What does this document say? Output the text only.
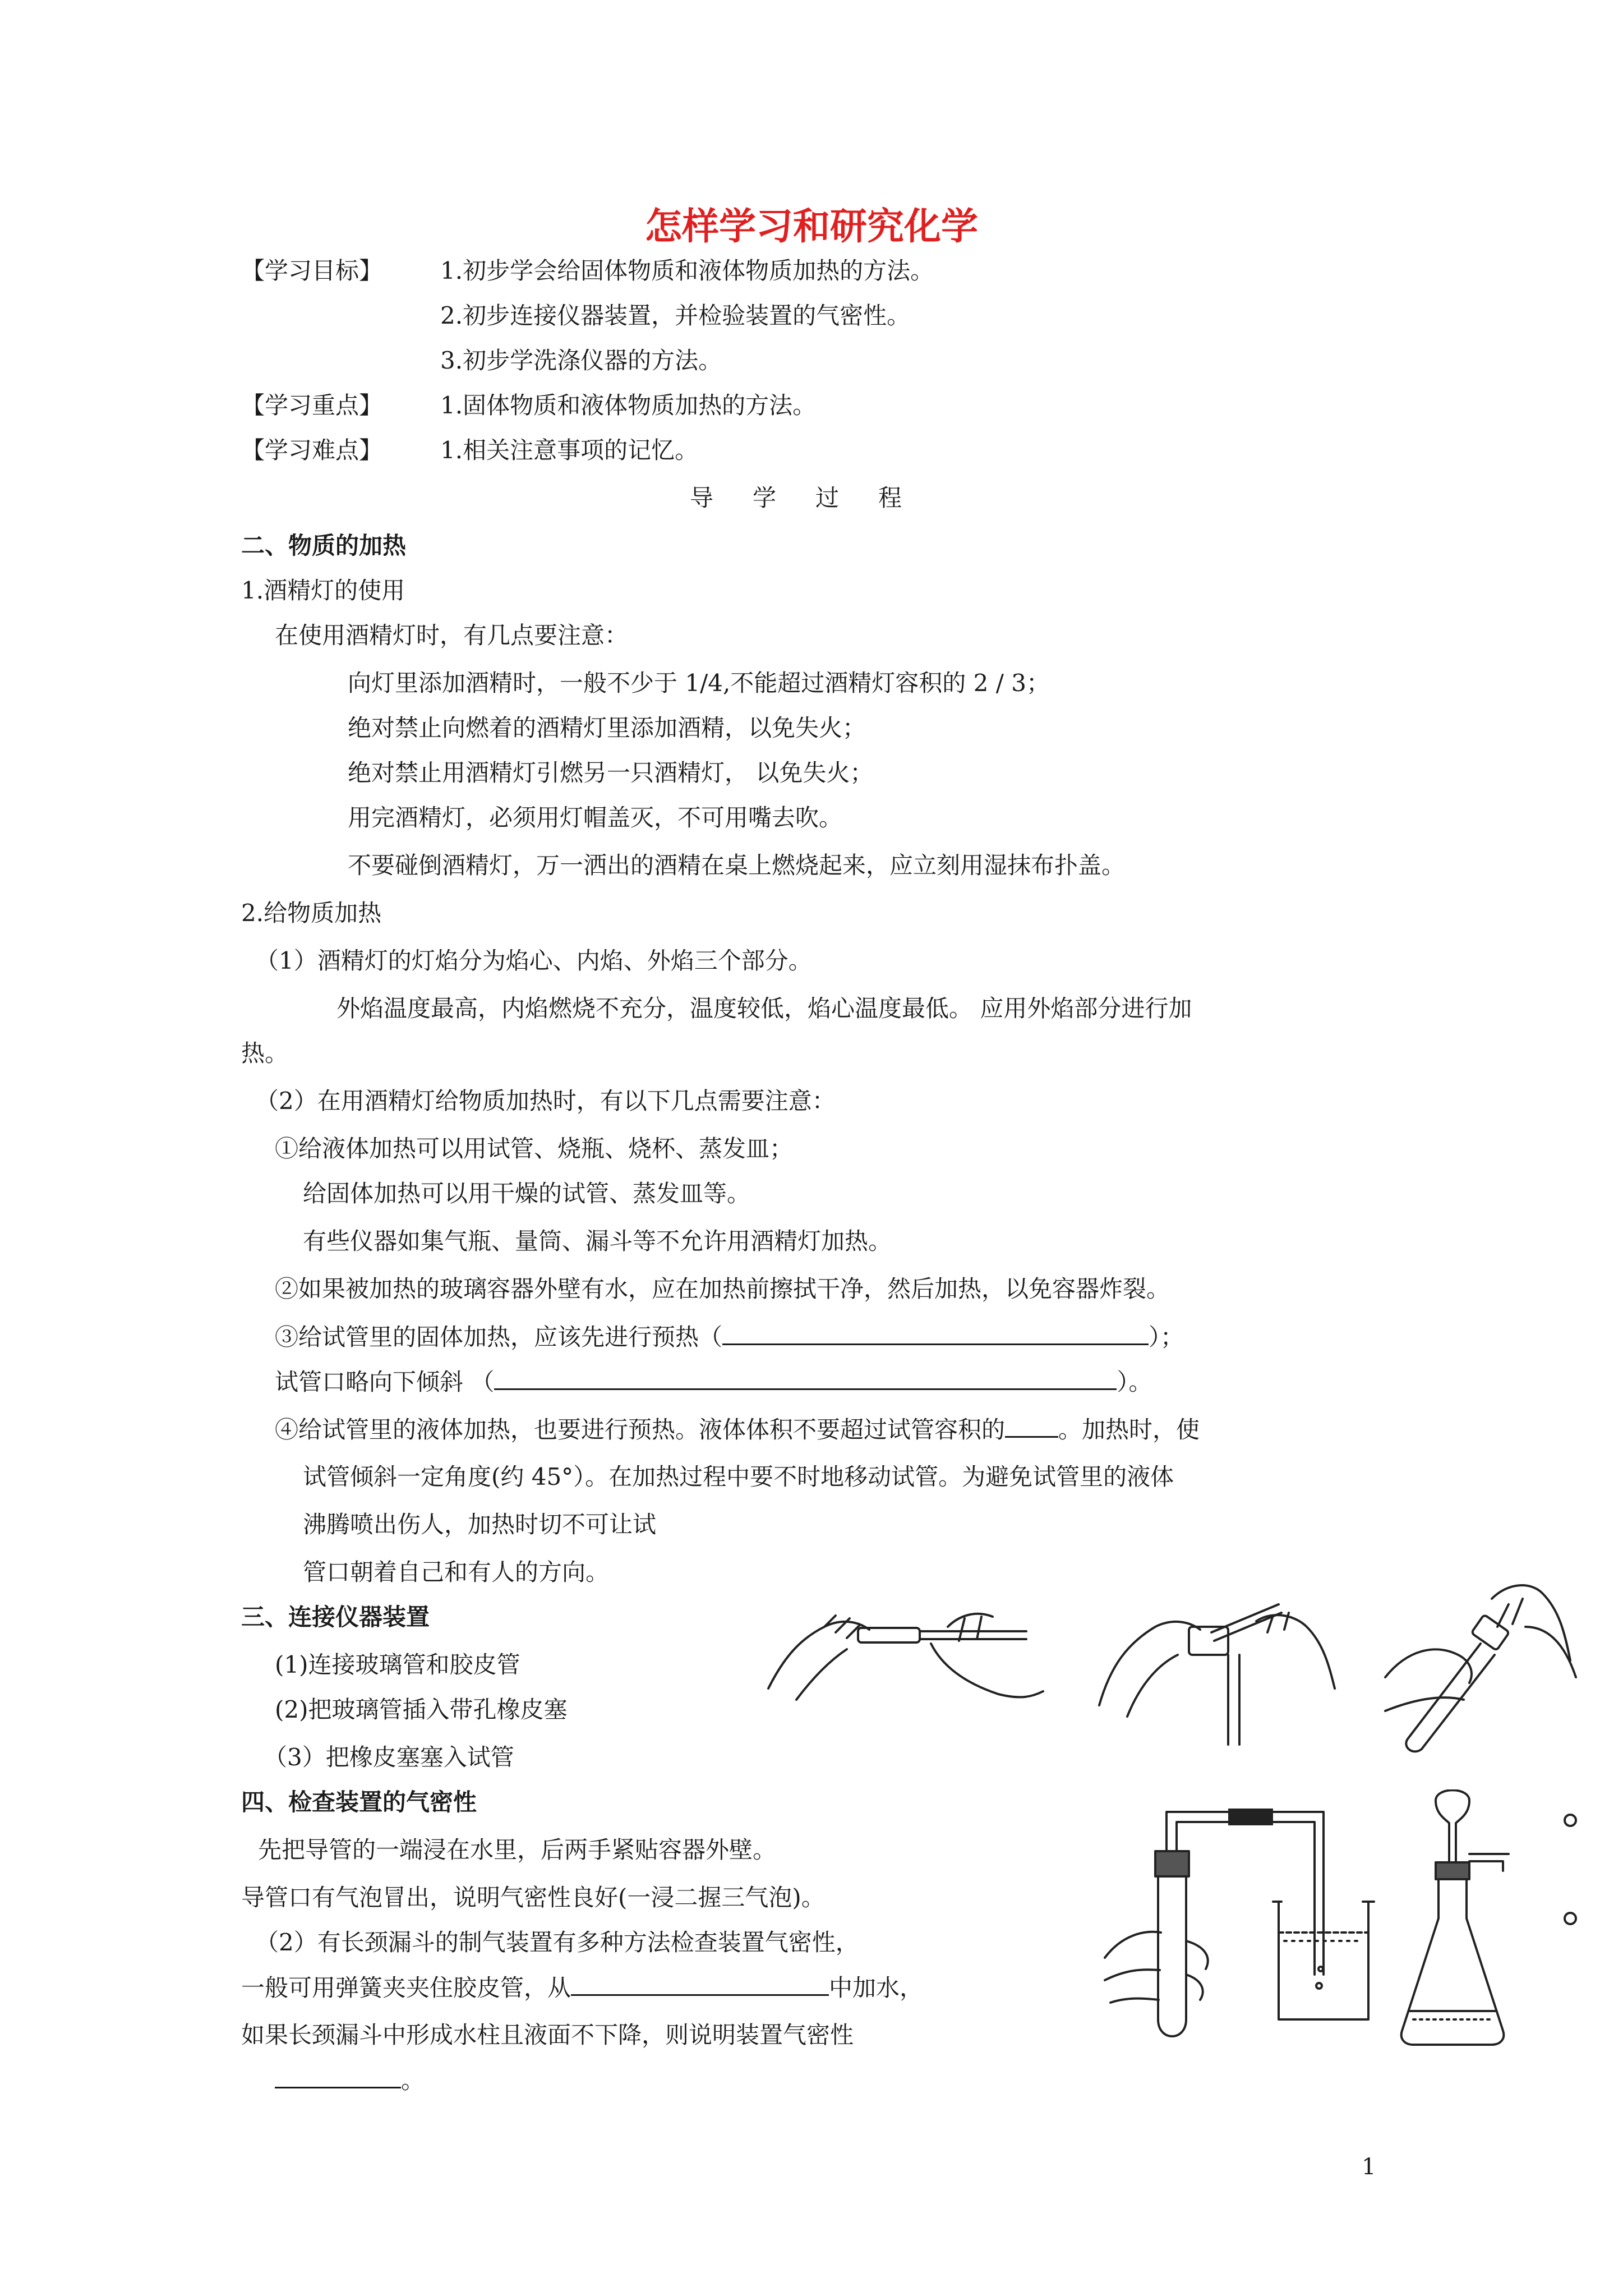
怎样学习和研究化学
【学习目标】 1.初步学会给固体物质和液体物质加热的方法。
2.初步连接仪器装置，并检验装置的气密性。
3.初步学洗涤仪器的方法。
【学习重点】 1.固体物质和液体物质加热的方法。
【学习难点】 1.相关注意事项的记忆。
导学过程
二、物质的加热
1.酒精灯的使用
在使用酒精灯时，有几点要注意：
向灯里添加酒精时，一般不少于 1/4,不能超过酒精灯容积的 2 / 3；
绝对禁止向燃着的酒精灯里添加酒精，以免失火；
绝对禁止用酒精灯引燃另一只酒精灯， 以免失火；
用完酒精灯，必须用灯帽盖灭，不可用嘴去吹。
不要碰倒酒精灯，万一洒出的酒精在桌上燃烧起来，应立刻用湿抹布扑盖。
2.给物质加热
（1）酒精灯的灯焰分为焰心、内焰、外焰三个部分。
外焰温度最高，内焰燃烧不充分，温度较低，焰心温度最低。 应用外焰部分进行加
热。
（2）在用酒精灯给物质加热时，有以下几点需要注意：
①给液体加热可以用试管、烧瓶、烧杯、蒸发皿；
给固体加热可以用干燥的试管、蒸发皿等。
有些仪器如集气瓶、量筒、漏斗等不允许用酒精灯加热。
②如果被加热的玻璃容器外壁有水，应在加热前擦拭干净，然后加热，以免容器炸裂。
③给试管里的固体加热，应该先进行预热（	）；
试管口略向下倾斜 （	）。
④给试管里的液体加热，也要进行预热。液体体积不要超过试管容积的 。加热时，使
试管倾斜一定角度(约 45°）。在加热过程中要不时地移动试管。为避免试管里的液体
沸腾喷出伤人，加热时切不可让试
管口朝着自己和有人的方向。
三、连接仪器装置
(1)连接玻璃管和胶皮管
(2)把玻璃管插入带孔橡皮塞
（3）把橡皮塞塞入试管
四、检查装置的气密性
先把导管的一端浸在水里，后两手紧贴容器外壁。
导管口有气泡冒出，说明气密性良好(一浸二握三气泡)。
（2）有长颈漏斗的制气装置有多种方法检查装置气密性，
一般可用弹簧夹夹住胶皮管，从	中加水，
如果长颈漏斗中形成水柱且液面不下降，则说明装置气密性
。
1
